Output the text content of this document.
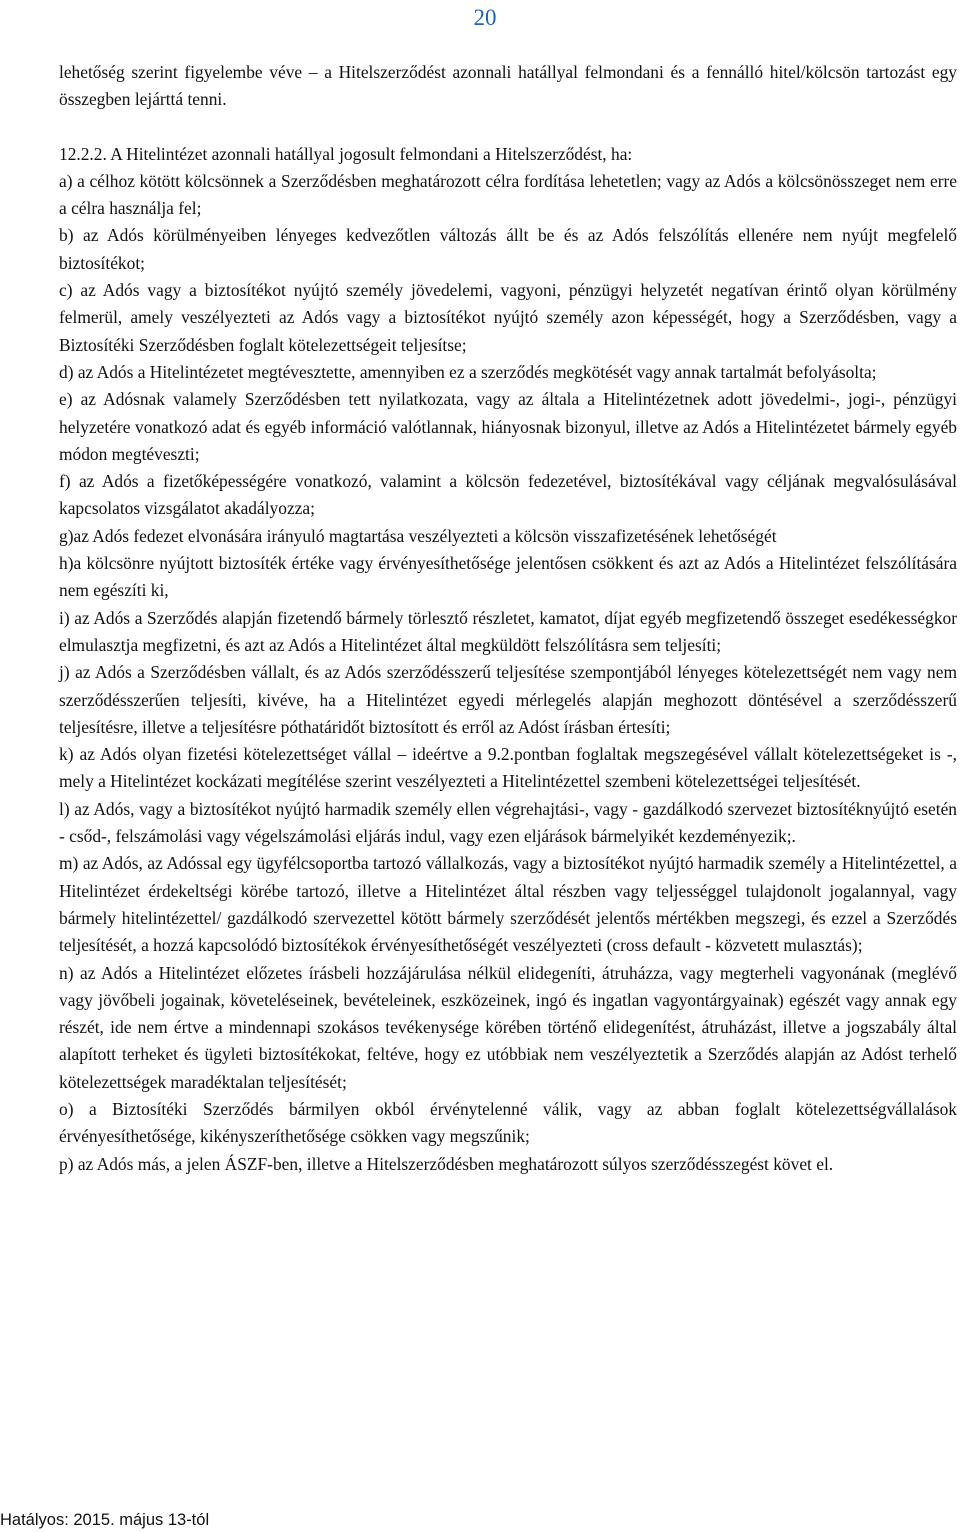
20

lehetőség szerint figyelembe véve – a Hitelszerződést azonnali hatállyal felmondani és a fennálló hitel/kölcsön tartozást egy összegben lejárttá tenni.

12.2.2. A Hitelintézet azonnali hatállyal jogosult felmondani a Hitelszerződést, ha:

a) a célhoz kötött kölcsönnek a Szerződésben meghatározott célra fordítása lehetetlen; vagy az Adós a kölcsönösszeget nem erre a célra használja fel;

b) az Adós körülményeiben lényeges kedvezőtlen változás állt be és az Adós felszólítás ellenére nem nyújt megfelelő biztosítékot;

c) az Adós vagy a biztosítékot nyújtó személy jövedelemi, vagyoni, pénzügyi helyzetét negatívan érintő olyan körülmény felmerül, amely veszélyezteti az Adós vagy a biztosítékot nyújtó személy azon képességét, hogy a Szerződésben, vagy a Biztosítéki Szerződésben foglalt kötelezettségeit teljesítse;

d) az Adós a Hitelintézetet megtévesztette, amennyiben ez a szerződés megkötését vagy annak tartalmát befolyásolta;

e) az Adósnak valamely Szerződésben tett nyilatkozata, vagy az általa a Hitelintézetnek adott jövedelmi-, jogi-, pénzügyi helyzetére vonatkozó adat és egyéb információ valótlannak, hiányosnak bizonyul, illetve az Adós a Hitelintézetet bármely egyéb módon megtéveszti;

f) az Adós a fizetőképességére vonatkozó, valamint a kölcsön fedezetével, biztosítékával vagy céljának megvalósulásával kapcsolatos vizsgálatot akadályozza;

g)az Adós fedezet elvonására irányuló magtartása veszélyezteti a kölcsön visszafizetésének lehetőségét

h)a kölcsönre nyújtott biztosíték értéke vagy érvényesíthetősége jelentősen csökkent és azt az Adós a Hitelintézet felszólítására nem egészíti ki,

i) az Adós a Szerződés alapján fizetendő bármely törlesztő részletet, kamatot, díjat egyéb megfizetendő összeget esedékességkor elmulasztja megfizetni, és azt az Adós a Hitelintézet által megküldött felszólításra sem teljesíti;

j) az Adós a Szerződésben vállalt, és az Adós szerződésszerű teljesítése szempontjából lényeges kötelezettségét nem vagy nem szerződésszerűen teljesíti, kivéve, ha a Hitelintézet egyedi mérlegelés alapján meghozott döntésével a szerződésszerű teljesítésre, illetve a teljesítésre póthatáridőt biztosított és erről az Adóst írásban értesíti;

k) az Adós olyan fizetési kötelezettséget vállal – ideértve a 9.2.pontban foglaltak megszegésével vállalt kötelezettségeket is -, mely a Hitelintézet kockázati megítélése szerint veszélyezteti a Hitelintézettel szembeni kötelezettségei teljesítését.

l) az Adós, vagy a biztosítékot nyújtó harmadik személy ellen végrehajtási-, vagy - gazdálkodó szervezet biztosítéknyújtó esetén - csőd-, felszámolási vagy végelszámolási eljárás indul, vagy ezen eljárások bármelyikét kezdeményezik;.

m) az Adós, az Adóssal egy ügyfélcsoportba tartozó vállalkozás, vagy a biztosítékot nyújtó harmadik személy a Hitelintézettel, a Hitelintézet érdekeltségi körébe tartozó, illetve a Hitelintézet által részben vagy teljességgel tulajdonolt jogalannyal, vagy bármely hitelintézettel/ gazdálkodó szervezettel kötött bármely szerződését jelentős mértékben megszegi, és ezzel a Szerződés teljesítését, a hozzá kapcsolódó biztosítékok érvényesíthetőségét veszélyezteti (cross default - közvetett mulasztás);

n) az Adós a Hitelintézet előzetes írásbeli hozzájárulása nélkül elidegeníti, átruházza, vagy megterheli vagyonának (meglévő vagy jövőbeli jogainak, követeléseinek, bevételeinek, eszközeinek, ingó és ingatlan vagyontárgyainak) egészét vagy annak egy részét, ide nem értve a mindennapi szokásos tevékenysége körében történő elidegenítést, átruházást, illetve a jogszabály által alapított terheket és ügyleti biztosítékokat, feltéve, hogy ez utóbbiak nem veszélyeztetik a Szerződés alapján az Adóst terhelő kötelezettségek maradéktalan teljesítését;

o) a Biztosítéki Szerződés bármilyen okból érvénytelenné válik, vagy az abban foglalt kötelezettségvállalások érvényesíthetősége, kikényszeríthetősége csökken vagy megszűnik;

p) az Adós más, a jelen ÁSZF-ben, illetve a Hitelszerződésben meghatározott súlyos szerződésszegést követ el.

Hatályos: 2015. május 13-tól
